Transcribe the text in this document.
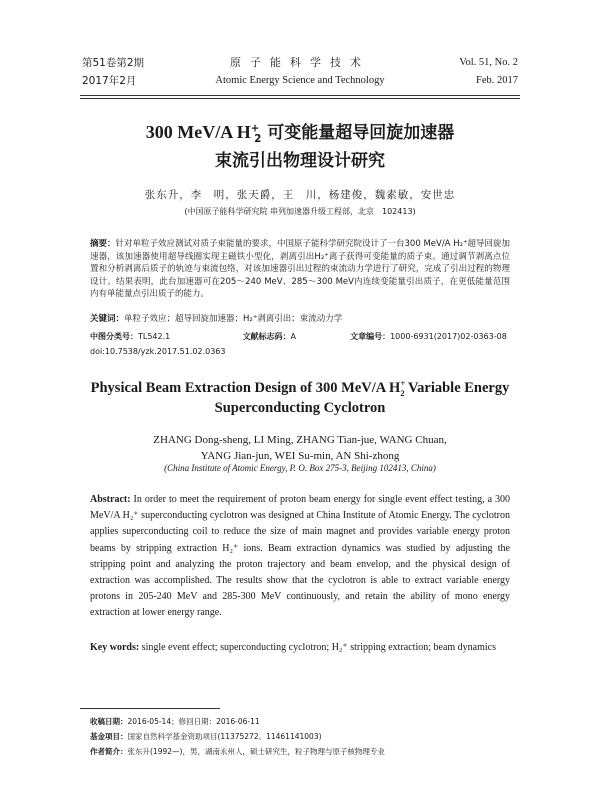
第51卷第2期
2017年2月
原子能科学技术
Atomic Energy Science and Technology
Vol. 51, No. 2
Feb. 2017
300 MeV/A $H^+_2$ 可变能量超导回旋加速器
束流引出物理设计研究
张东升，李　明，张天爵，王　川，杨建俊，魏素敏，安世忠
(中国原子能科学研究院 串列加速器升级工程部，北京　102413)
摘要：针对单粒子效应测试对质子束能量的要求，中国原子能科学研究院设计了一台300 MeV/A H₂⁺超导回旋加速器，该加速器使用超导线圈实现主磁铁小型化，剥离引出H₂⁺离子获得可变能量的质子束。通过调节剥离点位置和分析剥离后质子的轨迹与束流包络，对该加速器引出过程的束流动力学进行了研究，完成了引出过程的物理设计。结果表明，此台加速器可在205～240 MeV、285～300 MeV内连续变能量引出质子，在更低能量范围内有单能量点引出质子的能力。
关键词：单粒子效应；超导回旋加速器；H₂⁺剥离引出；束流动力学
中图分类号：TL542.1	文献标志码：A	文章编号：1000-6931(2017)02-0363-08
doi:10.7538/yzk.2017.51.02.0363
Physical Beam Extraction Design of 300 MeV/A $H^+_2$ Variable Energy
Superconducting Cyclotron
ZHANG Dong-sheng, LI Ming, ZHANG Tian-jue, WANG Chuan,
YANG Jian-jun, WEI Su-min, AN Shi-zhong
(China Institute of Atomic Energy, P. O. Box 275-3, Beijing 102413, China)
Abstract: In order to meet the requirement of proton beam energy for single event effect testing, a 300 MeV/A H₂⁺ superconducting cyclotron was designed at China Institute of Atomic Energy. The cyclotron applies superconducting coil to reduce the size of main magnet and provides variable energy proton beams by stripping extraction H₂⁺ ions. Beam extraction dynamics was studied by adjusting the stripping point and analyzing the proton trajectory and beam envelop, and the physical design of extraction was accomplished. The results show that the cyclotron is able to extract variable energy protons in 205-240 MeV and 285-300 MeV continuously, and retain the ability of mono energy extraction at lower energy range.
Key words: single event effect; superconducting cyclotron; H₂⁺ stripping extraction; beam dynamics
收稿日期：2016-05-14；修回日期：2016-06-11
基金项目：国家自然科学基金资助项目(11375272、11461141003)
作者简介：张东升(1992—)，男，湖南永州人，硕士研究生，粒子物理与原子核物理专业
